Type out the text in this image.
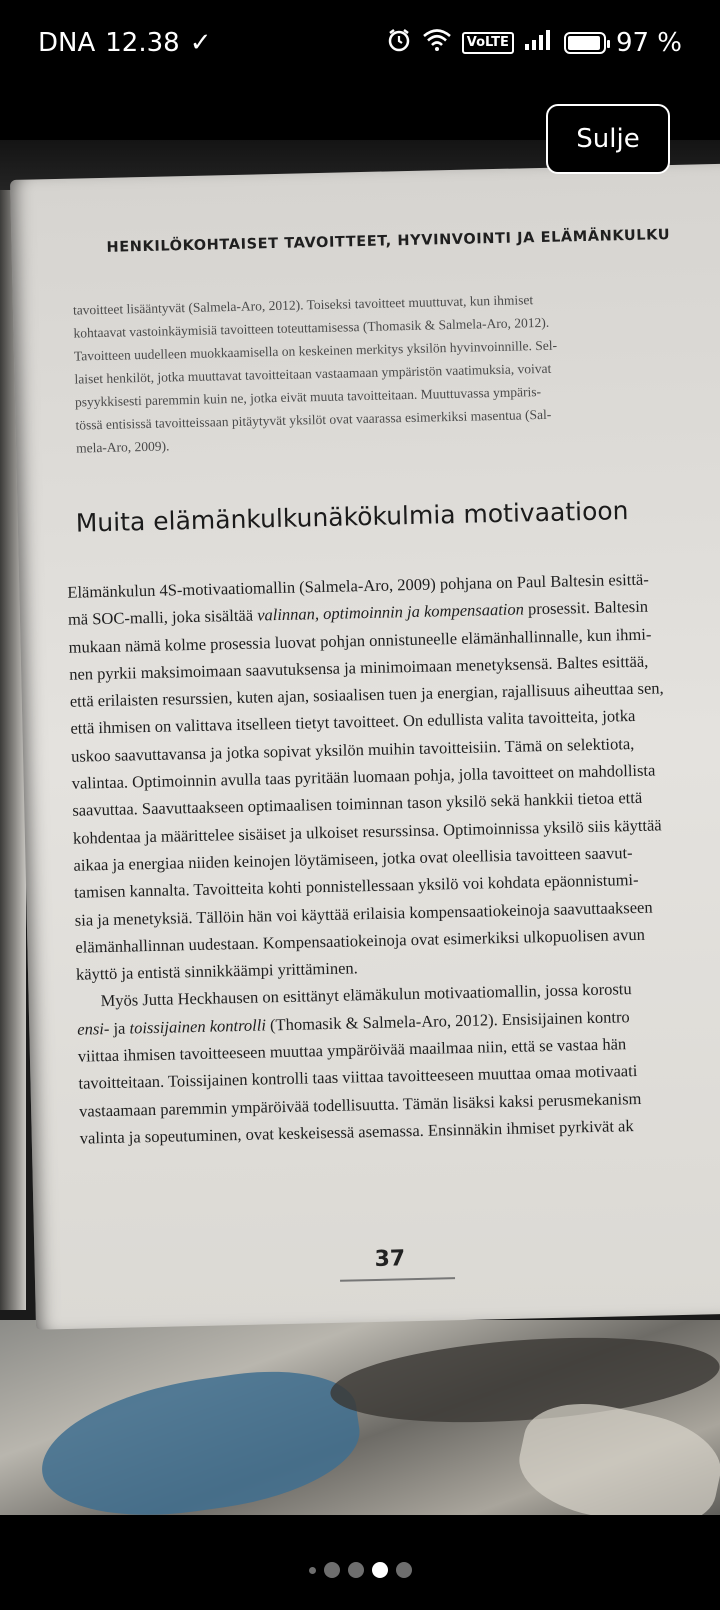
DNA 12.38 ✓	VoLTE	97 %
HENKILÖKOHTAISET TAVOITTEET, HYVINVOINTI JA ELÄMÄNKULKU
tavoitteet lisääntyvät (Salmela-Aro, 2012). Toiseksi tavoitteet muuttuvat, kun ihmiset
kohtaavat vastoinkäymisiä tavoitteen toteuttamisessa (Thomasik & Salmela-Aro, 2012).
Tavoitteen uudelleen muokkaamisella on keskeinen merkitys yksilön hyvinvoinnille. Sel-
laiset henkilöt, jotka muuttavat tavoitteitaan vastaamaan ympäristön vaatimuksia, voivat
psyykkisesti paremmin kuin ne, jotka eivät muuta tavoitteitaan. Muuttuvassa ympäris-
tössä entisissä tavoitteissaan pitäytyvät yksilöt ovat vaarassa esimerkiksi masentua (Sal-
mela-Aro, 2009).
Muita elämänkulkunäkökulmia motivaatioon
Elämänkulun 4S-motivaatiomallin (Salmela-Aro, 2009) pohjana on Paul Baltesin esittä-
mä SOC-malli, joka sisältää valinnan, optimoinnin ja kompensaation prosessit. Baltesin
mukaan nämä kolme prosessia luovat pohjan onnistuneelle elämänhallinnalle, kun ihmi-
nen pyrkii maksimoimaan saavutuksensa ja minimoimaan menetyksensä. Baltes esittää,
että erilaisten resurssien, kuten ajan, sosiaalisen tuen ja energian, rajallisuus aiheuttaa sen,
että ihmisen on valittava itselleen tietyt tavoitteet. On edullista valita tavoitteita, jotka
uskoo saavuttavansa ja jotka sopivat yksilön muihin tavoitteisiin. Tämä on selektiota,
valintaa. Optimoinnin avulla taas pyritään luomaan pohja, jolla tavoitteet on mahdollista
saavuttaa. Saavuttaakseen optimaalisen toiminnan tason yksilö sekä hankkii tietoa että
kohdentaa ja määrittelee sisäiset ja ulkoiset resurssinsa. Optimoinnissa yksilö siis käyttää
aikaa ja energiaa niiden keinojen löytämiseen, jotka ovat oleellisia tavoitteen saavut-
tamisen kannalta. Tavoitteita kohti ponnistellessaan yksilö voi kohdata epäonnistumi-
sia ja menetyksiä. Tällöin hän voi käyttää erilaisia kompensaatiokeinoja saavuttaakseen
elämänhallinnan uudestaan. Kompensaatiokeinoja ovat esimerkiksi ulkopuolisen avun
käyttö ja entistä sinnikkäämpi yrittäminen.
Myös Jutta Heckhausen on esittänyt elämäkulun motivaatiomallin, jossa korostu
ensi- ja toissijainen kontrolli (Thomasik & Salmela-Aro, 2012). Ensisijainen kontro
viittaa ihmisen tavoitteeseen muuttaa ympäröivää maailmaa niin, että se vastaa hän
tavoitteitaan. Toissijainen kontrolli taas viittaa tavoitteeseen muuttaa omaa motivaati
vastaamaan paremmin ympäröivää todellisuutta. Tämän lisäksi kaksi perusmekanism
valinta ja sopeutuminen, ovat keskeisessä asemassa. Ensinnäkin ihmiset pyrkivät ak
37
Sulje
